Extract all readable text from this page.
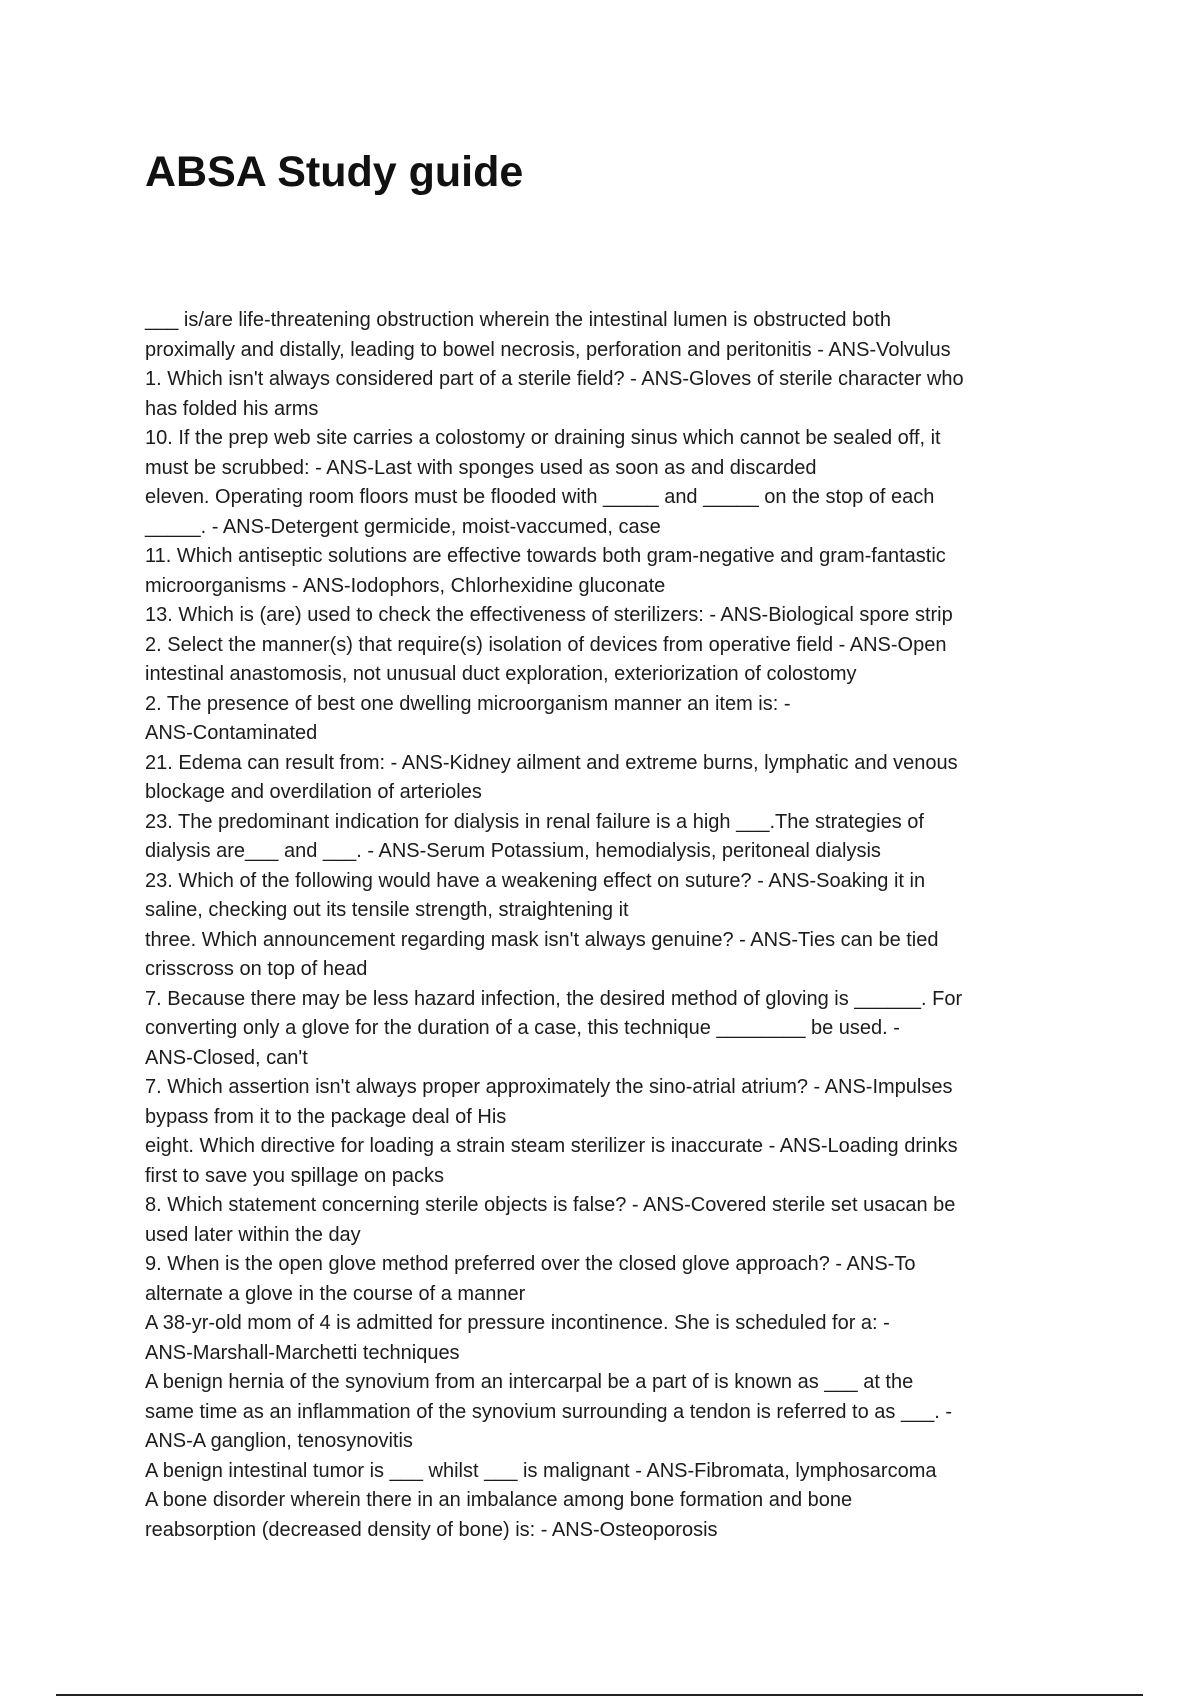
ABSA Study guide
___ is/are life-threatening obstruction wherein the intestinal lumen is obstructed both
proximally and distally, leading to bowel necrosis, perforation and peritonitis - ANS-Volvulus
1. Which isn't always considered part of a sterile field? - ANS-Gloves of sterile character who
has folded his arms
10. If the prep web site carries a colostomy or draining sinus which cannot be sealed off, it
must be scrubbed: - ANS-Last with sponges used as soon as and discarded
eleven. Operating room floors must be flooded with _____ and _____ on the stop of each
_____. - ANS-Detergent germicide, moist-vaccumed, case
11. Which antiseptic solutions are effective towards both gram-negative and gram-fantastic
microorganisms - ANS-Iodophors, Chlorhexidine gluconate
13. Which is (are) used to check the effectiveness of sterilizers: - ANS-Biological spore strip
2. Select the manner(s) that require(s) isolation of devices from operative field - ANS-Open
intestinal anastomosis, not unusual duct exploration, exteriorization of colostomy
2. The presence of best one dwelling microorganism manner an item is: -
ANS-Contaminated
21. Edema can result from: - ANS-Kidney ailment and extreme burns, lymphatic and venous
blockage and overdilation of arterioles
23. The predominant indication for dialysis in renal failure is a high ___.The strategies of
dialysis are___ and ___. - ANS-Serum Potassium, hemodialysis, peritoneal dialysis
23. Which of the following would have a weakening effect on suture? - ANS-Soaking it in
saline, checking out its tensile strength, straightening it
three. Which announcement regarding mask isn't always genuine? - ANS-Ties can be tied
crisscross on top of head
7. Because there may be less hazard infection, the desired method of gloving is ______. For
converting only a glove for the duration of a case, this technique ________ be used. -
ANS-Closed, can't
7. Which assertion isn't always proper approximately the sino-atrial atrium? - ANS-Impulses
bypass from it to the package deal of His
eight. Which directive for loading a strain steam sterilizer is inaccurate - ANS-Loading drinks
first to save you spillage on packs
8. Which statement concerning sterile objects is false? - ANS-Covered sterile set usacan be
used later within the day
9. When is the open glove method preferred over the closed glove approach? - ANS-To
alternate a glove in the course of a manner
A 38-yr-old mom of 4 is admitted for pressure incontinence. She is scheduled for a: -
ANS-Marshall-Marchetti techniques
A benign hernia of the synovium from an intercarpal be a part of is known as ___ at the
same time as an inflammation of the synovium surrounding a tendon is referred to as ___. -
ANS-A ganglion, tenosynovitis
A benign intestinal tumor is ___ whilst ___ is malignant - ANS-Fibromata, lymphosarcoma
A bone disorder wherein there in an imbalance among bone formation and bone
reabsorption (decreased density of bone) is: - ANS-Osteoporosis
